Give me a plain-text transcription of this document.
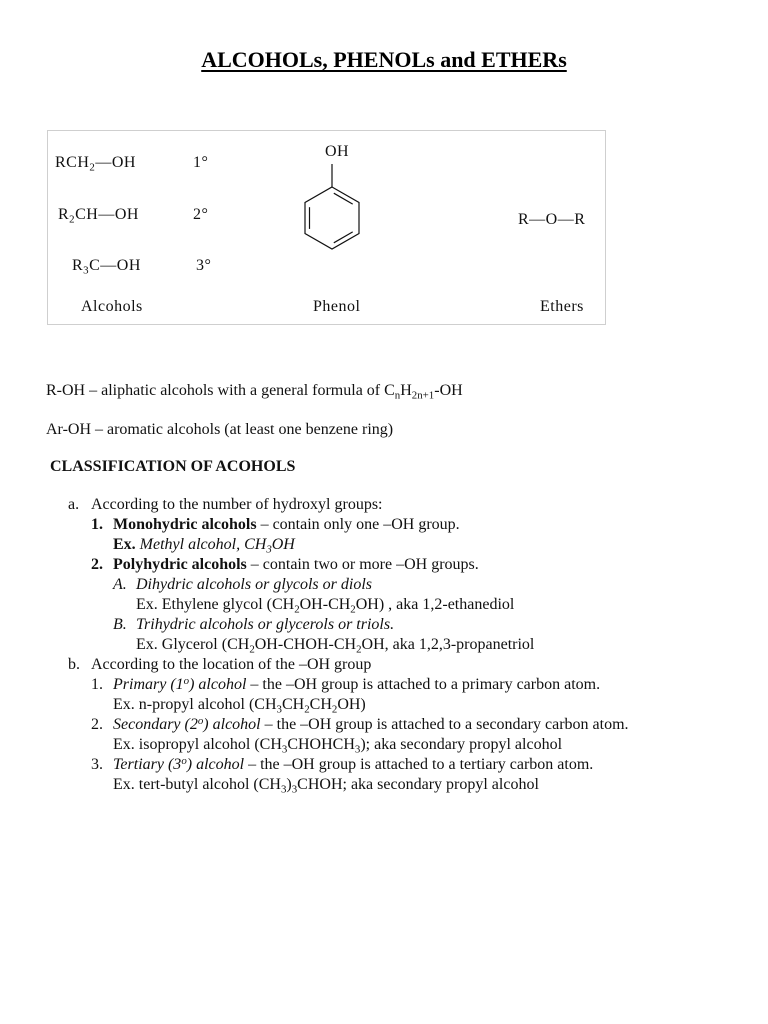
ALCOHOLs, PHENOLs and ETHERs
$RCH_2—OH$	1°
$R_2CH—OH$	2°
$R_3C—OH$	3°
OH
R—O—R
Alcohols	Phenol	Ethers
R-OH – aliphatic alcohols with a general formula of $C_nH_{2n+1}-OH$
Ar-OH – aromatic alcohols (at least one benzene ring)
CLASSIFICATION OF ACOHOLS
a. According to the number of hydroxyl groups:
1. Monohydric alcohols – contain only one –OH group.
Ex. Methyl alcohol, $CH_3OH$
2. Polyhydric alcohols – contain two or more –OH groups.
A. Dihydric alcohols or glycols or diols
Ex. Ethylene glycol $(CH_2OH-CH_2OH)$ , aka 1,2-ethanediol
B. Trihydric alcohols or glycerols or triols.
Ex. Glycerol ($CH_2OH-CHOH-CH_2OH$, aka 1,2,3-propanetriol
b. According to the location of the –OH group
1. Primary (1$^o$) alcohol – the –OH group is attached to a primary carbon atom.
Ex. n-propyl alcohol $(CH_3CH_2CH_2OH)$
2. Secondary (2$^o$) alcohol – the –OH group is attached to a secondary carbon atom.
Ex. isopropyl alcohol $(CH_3CHOHCH_3)$; aka secondary propyl alcohol
3. Tertiary (3$^o$) alcohol – the –OH group is attached to a tertiary carbon atom.
Ex. tert-butyl alcohol $(CH_3)_3CHOH$; aka secondary propyl alcohol
